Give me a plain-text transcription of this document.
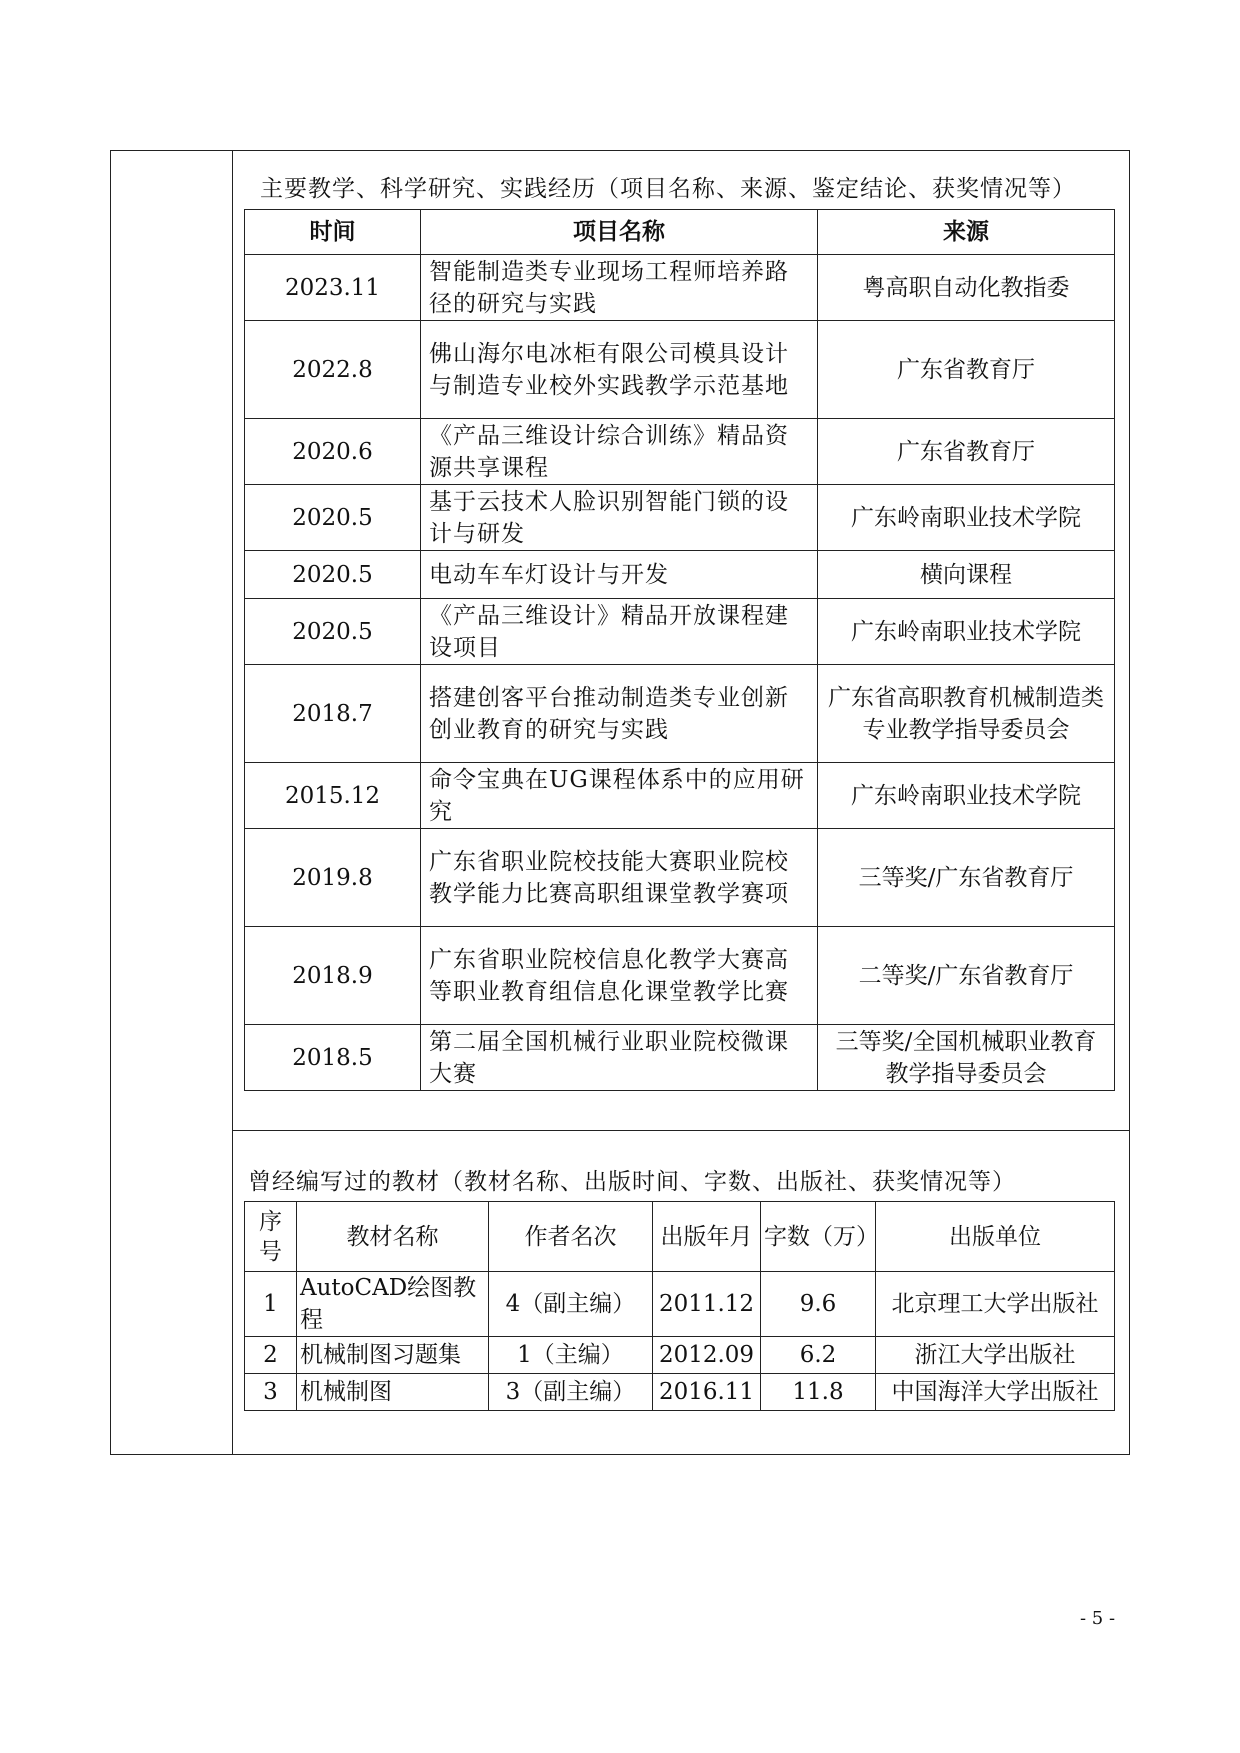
主要教学、科学研究、实践经历（项目名称、来源、鉴定结论、获奖情况等）
时间	项目名称	来源
2023.11	智能制造类专业现场工程师培养路径的研究与实践	粤高职自动化教指委
2022.8	佛山海尔电冰柜有限公司模具设计与制造专业校外实践教学示范基地	广东省教育厅
2020.6	《产品三维设计综合训练》精品资源共享课程	广东省教育厅
2020.5	基于云技术人脸识别智能门锁的设计与研发	广东岭南职业技术学院
2020.5	电动车车灯设计与开发	横向课程
2020.5	《产品三维设计》精品开放课程建设项目	广东岭南职业技术学院
2018.7	搭建创客平台推动制造类专业创新创业教育的研究与实践	广东省高职教育机械制造类专业教学指导委员会
2015.12	命令宝典在UG课程体系中的应用研究	广东岭南职业技术学院
2019.8	广东省职业院校技能大赛职业院校教学能力比赛高职组课堂教学赛项	三等奖/广东省教育厅
2018.9	广东省职业院校信息化教学大赛高等职业教育组信息化课堂教学比赛	二等奖/广东省教育厅
2018.5	第二届全国机械行业职业院校微课大赛	三等奖/全国机械职业教育教学指导委员会
曾经编写过的教材（教材名称、出版时间、字数、出版社、获奖情况等）
序号	教材名称	作者名次	出版年月	字数（万）	出版单位
1	AutoCAD绘图教程	4（副主编）	2011.12	9.6	北京理工大学出版社
2	机械制图习题集	1（主编）	2012.09	6.2	浙江大学出版社
3	机械制图	3（副主编）	2016.11	11.8	中国海洋大学出版社
- 5 -
